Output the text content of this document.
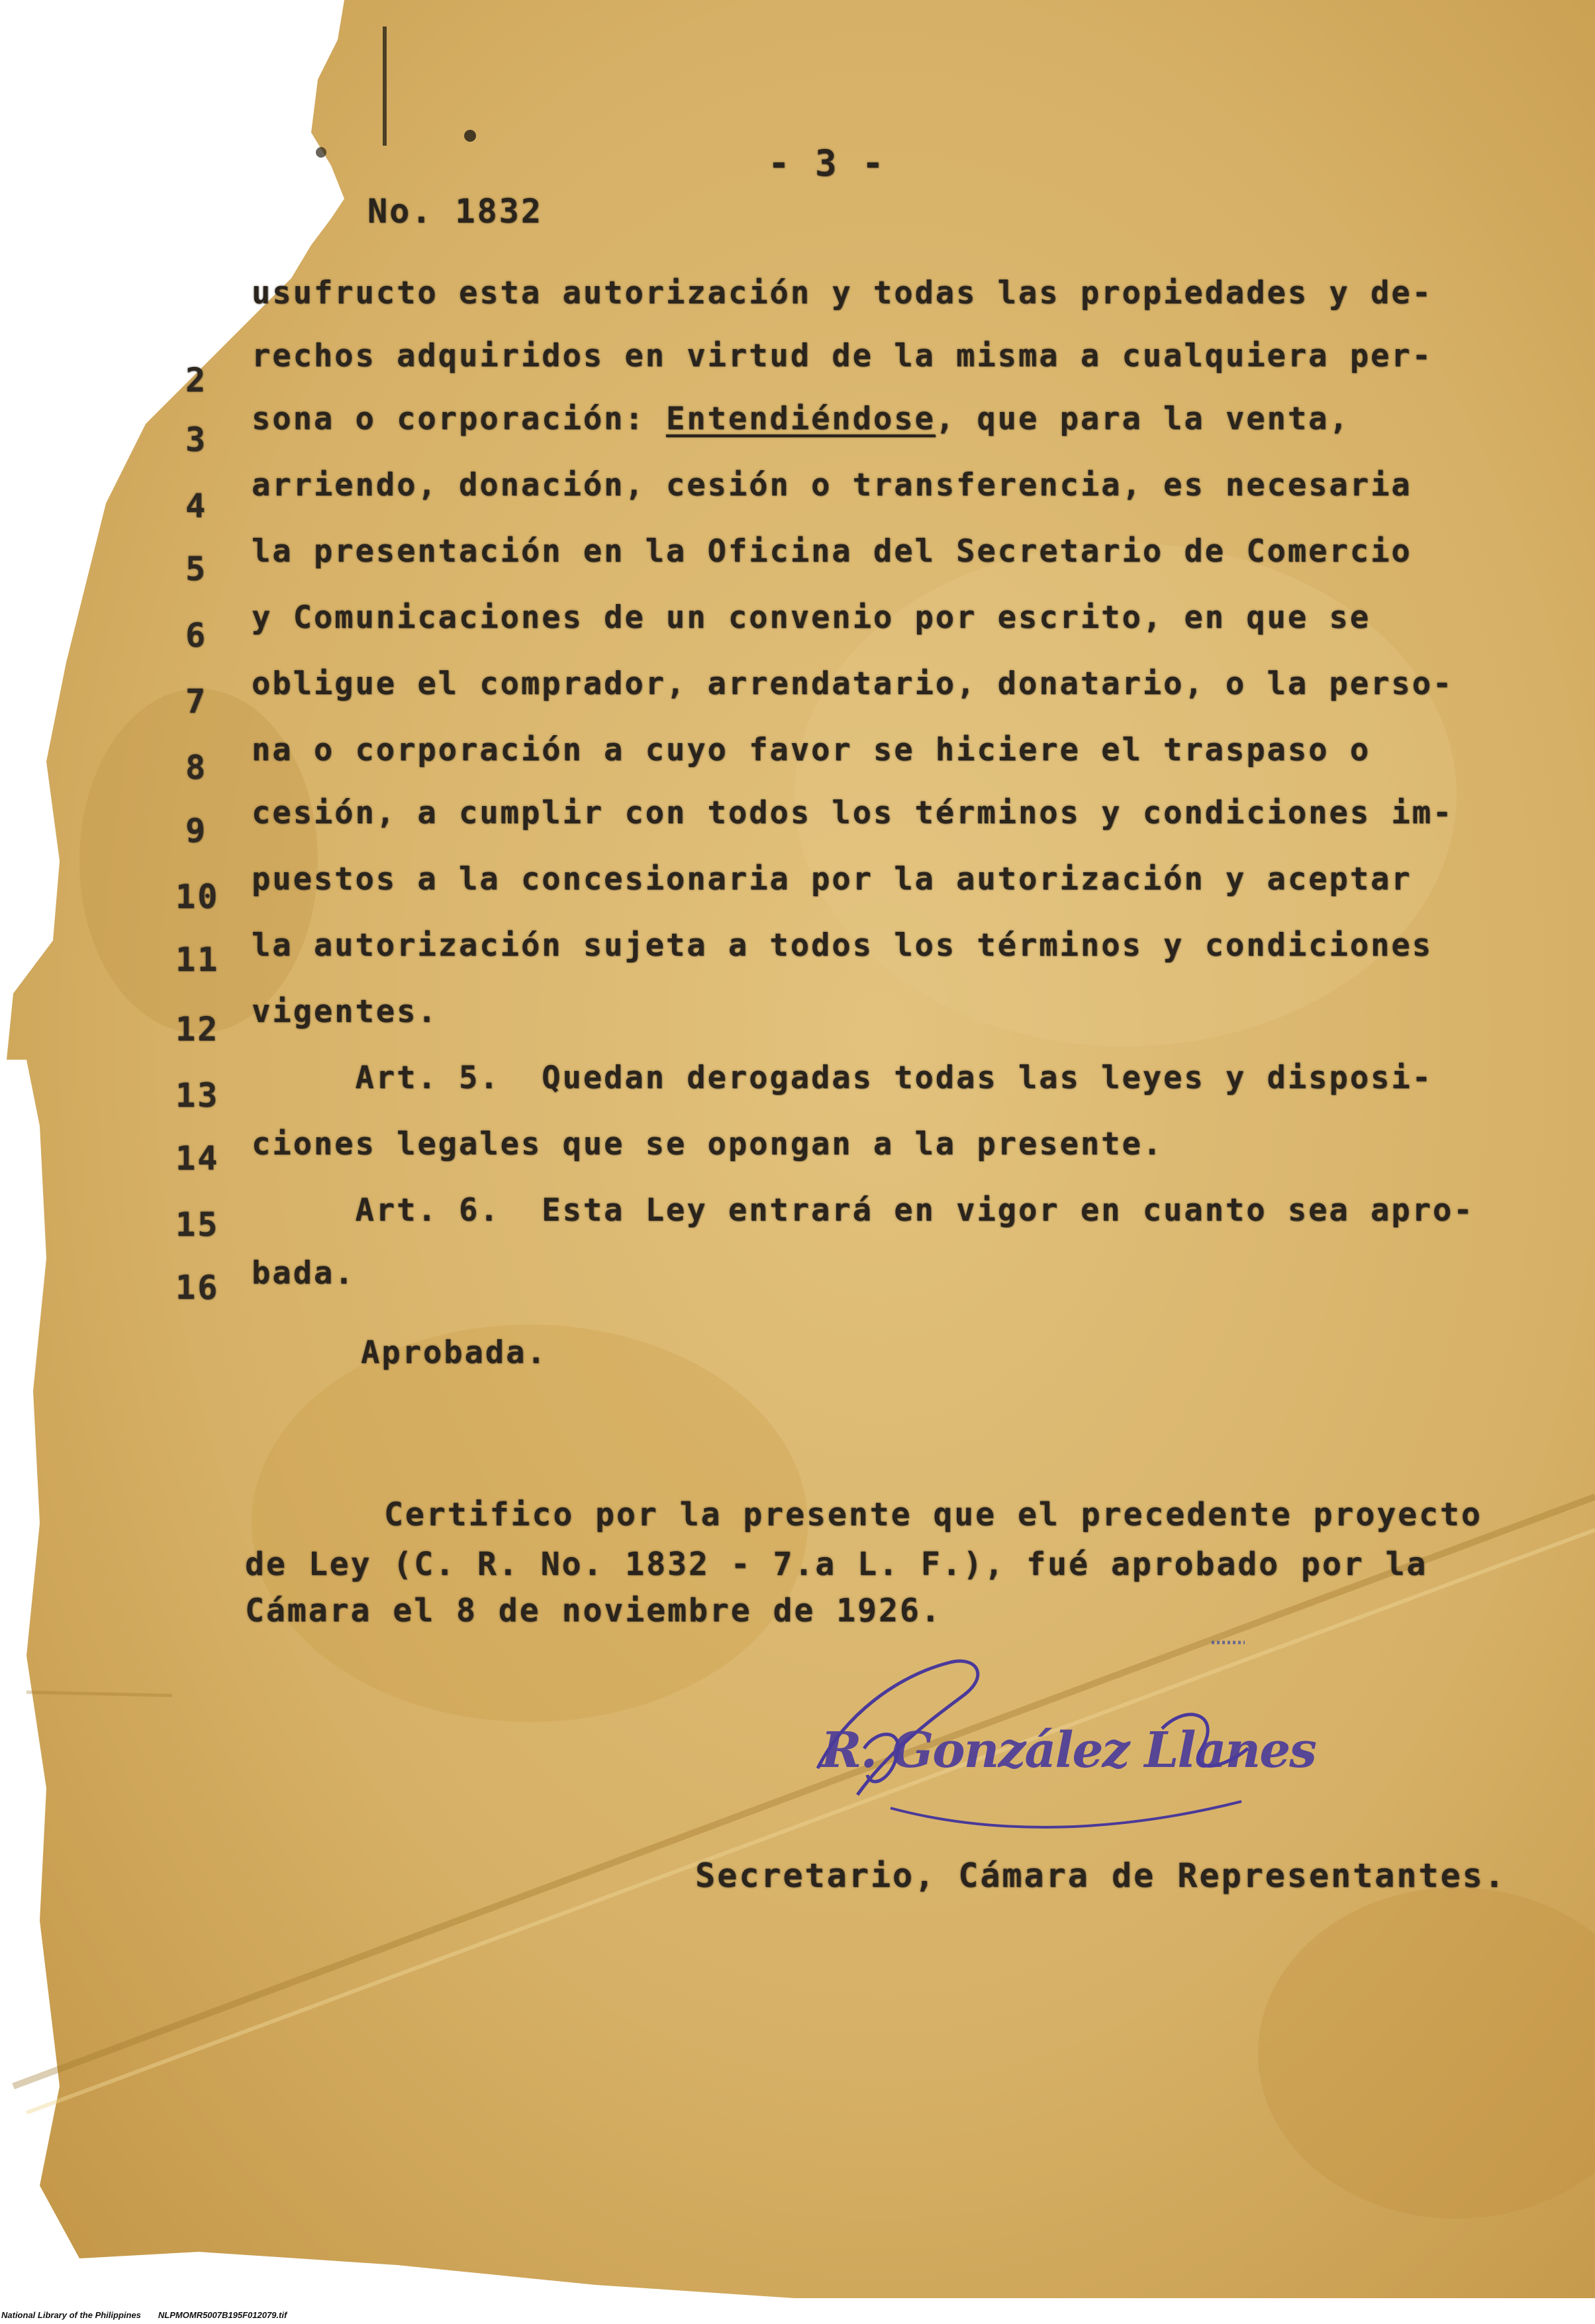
- 3 -
No. 1832
2
3
4
5
6
7
8
9
10
11
12
13
14
15
16
usufructo esta autorización y todas las propiedades y de-
rechos adquiridos en virtud de la misma a cualquiera per-
sona o corporación: Entendiéndose, que para la venta,
arriendo, donación, cesión o transferencia, es necesaria
la presentación en la Oficina del Secretario de Comercio
y Comunicaciones de un convenio por escrito, en que se
obligue el comprador, arrendatario, donatario, o la perso-
na o corporación a cuyo favor se hiciere el traspaso o
cesión, a cumplir con todos los términos y condiciones im-
puestos a la concesionaria por la autorización y aceptar
la autorización sujeta a todos los términos y condiciones
vigentes.
Art. 5.  Quedan derogadas todas las leyes y disposi-
ciones legales que se opongan a la presente.
Art. 6.  Esta Ley entrará en vigor en cuanto sea apro-
bada.
Aprobada.
Certifico por la presente que el precedente proyecto
de Ley (C. R. No. 1832 - 7.a L. F.), fué aprobado por la
Cámara el 8 de noviembre de 1926.
R. González Llanes
Secretario, Cámara de Representantes.
National Library of the Philippines NLPMOMR5007B195F012079.tif
